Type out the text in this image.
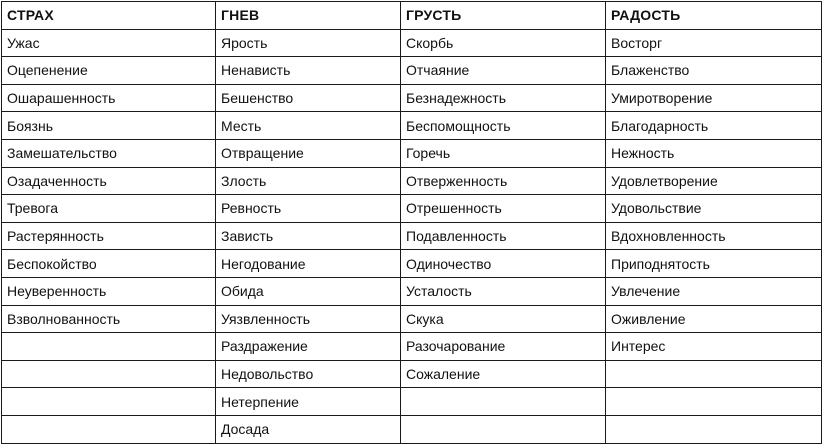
СТРАХ	ГНЕВ	ГРУСТЬ	РАДОСТЬ
Ужас	Ярость	Скорбь	Восторг
Оцепенение	Ненависть	Отчаяние	Блаженство
Ошарашенность	Бешенство	Безнадежность	Умиротворение
Боязнь	Месть	Беспомощность	Благодарность
Замешательство	Отвращение	Горечь	Нежность
Озадаченность	Злость	Отверженность	Удовлетворение
Тревога	Ревность	Отрешенность	Удовольствие
Растерянность	Зависть	Подавленность	Вдохновленность
Беспокойство	Негодование	Одиночество	Приподнятость
Неуверенность	Обида	Усталость	Увлечение
Взволнованность	Уязвленность	Скука	Оживление
	Раздражение	Разочарование	Интерес
	Недовольство	Сожаление	
	Нетерпение		
	Досада		
